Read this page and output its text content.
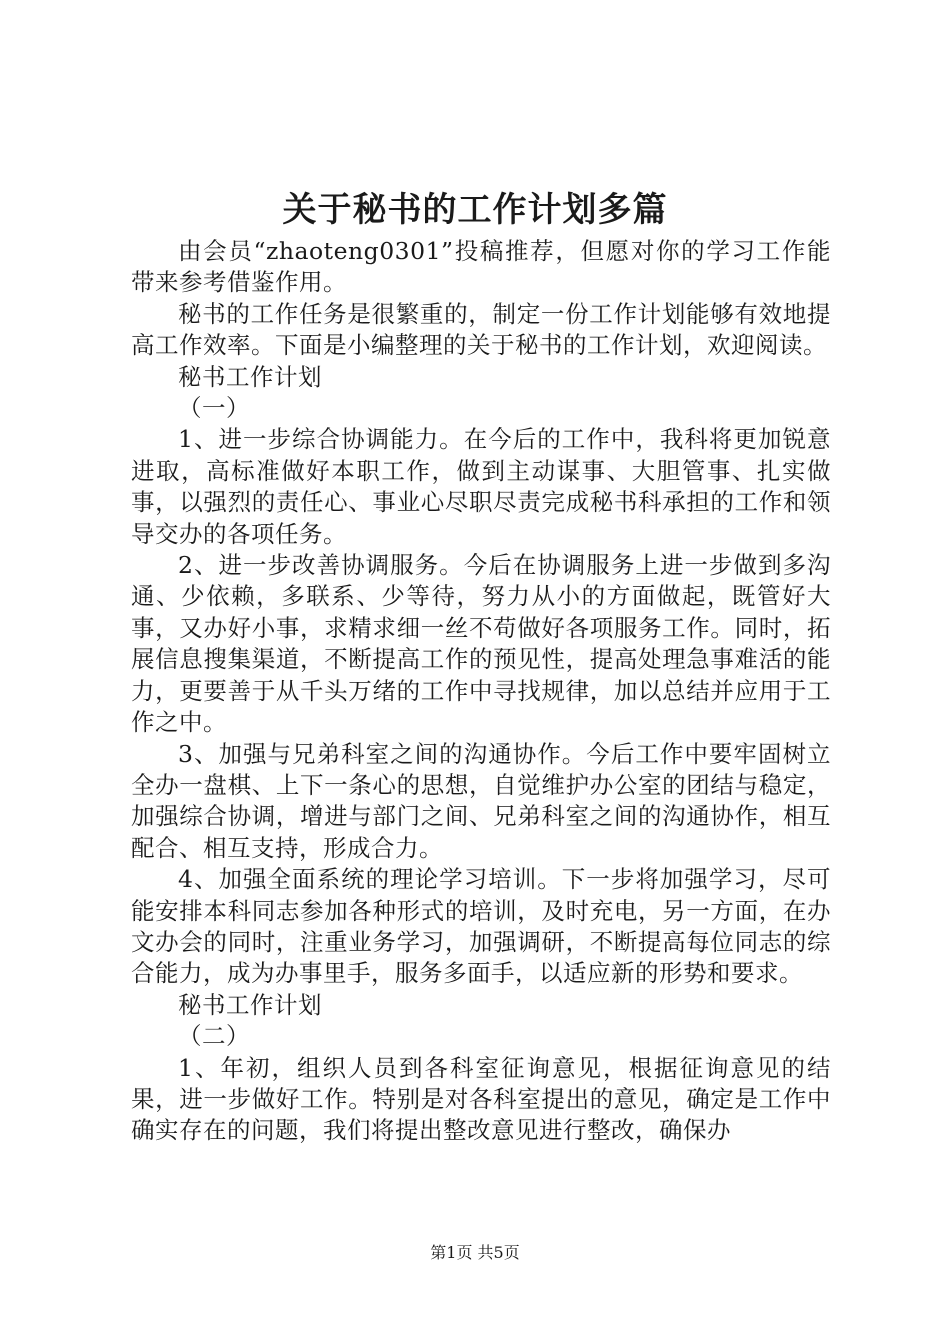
关于秘书的工作计划多篇

由会员“zhaoteng0301”投稿推荐，但愿对你的学习工作能带来参考借鉴作用。

秘书的工作任务是很繁重的，制定一份工作计划能够有效地提高工作效率。下面是小编整理的关于秘书的工作计划，欢迎阅读。

秘书工作计划

（一）

1、进一步综合协调能力。在今后的工作中，我科将更加锐意进取，高标准做好本职工作，做到主动谋事、大胆管事、扎实做事，以强烈的责任心、事业心尽职尽责完成秘书科承担的工作和领导交办的各项任务。

2、进一步改善协调服务。今后在协调服务上进一步做到多沟通、少依赖，多联系、少等待，努力从小的方面做起，既管好大事，又办好小事，求精求细一丝不苟做好各项服务工作。同时，拓展信息搜集渠道，不断提高工作的预见性，提高处理急事难活的能力，更要善于从千头万绪的工作中寻找规律，加以总结并应用于工作之中。

3、加强与兄弟科室之间的沟通协作。今后工作中要牢固树立全办一盘棋、上下一条心的思想，自觉维护办公室的团结与稳定，加强综合协调，增进与部门之间、兄弟科室之间的沟通协作，相互配合、相互支持，形成合力。

4、加强全面系统的理论学习培训。下一步将加强学习，尽可能安排本科同志参加各种形式的培训，及时充电，另一方面，在办文办会的同时，注重业务学习，加强调研，不断提高每位同志的综合能力，成为办事里手，服务多面手，以适应新的形势和要求。

秘书工作计划

（二）

1、年初，组织人员到各科室征询意见，根据征询意见的结果，进一步做好工作。特别是对各科室提出的意见，确定是工作中确实存在的问题，我们将提出整改意见进行整改，确保办

第1页 共5页
